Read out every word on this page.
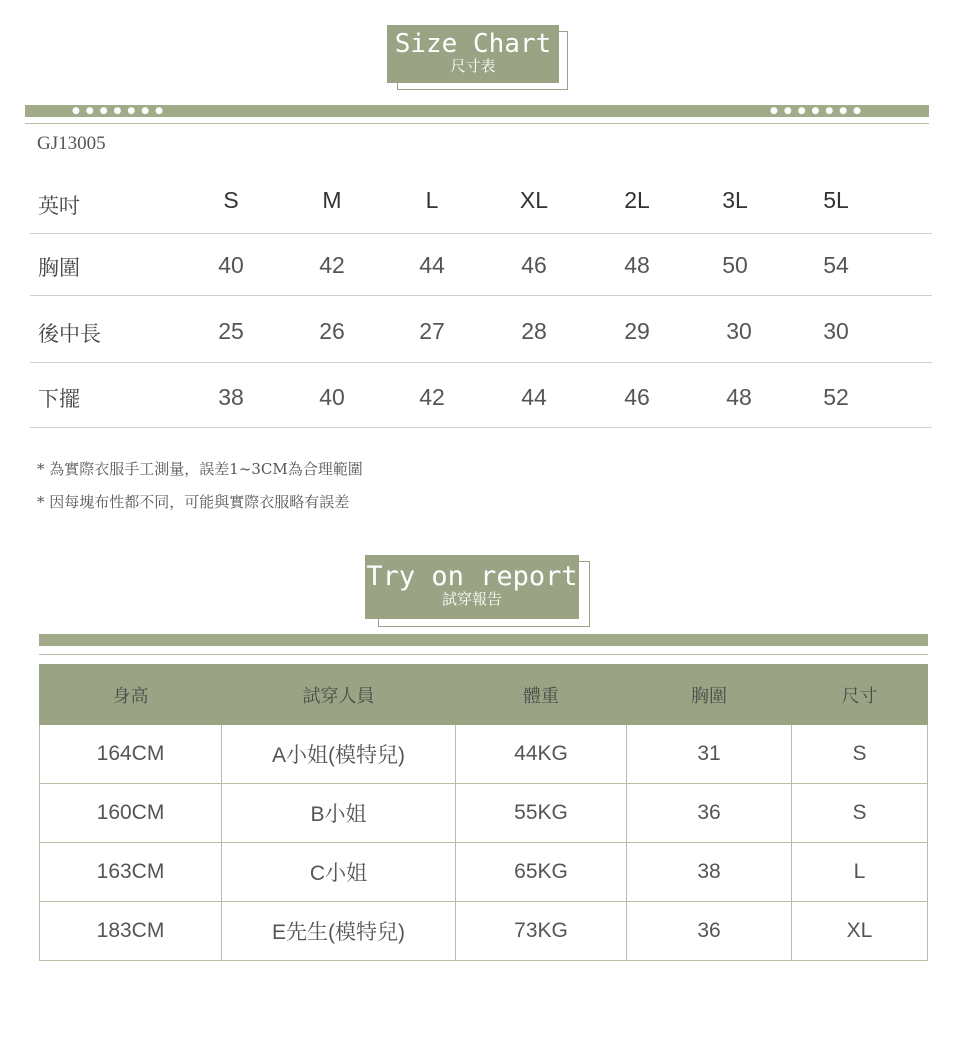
Size Chart
尺寸表
●●●●●●●	●●●●●●●
GJ13005
英吋	S	M	L	XL	2L	3L	5L
胸圍	40	42	44	46	48	50	54
後中長	25	26	27	28	29	30	30
下擺	38	40	42	44	46	48	52
* 為實際衣服手工測量，誤差1~3CM為合理範圍
* 因每塊布性都不同，可能與實際衣服略有誤差
Try on report
試穿報告
身高	試穿人員	體重	胸圍	尺寸
164CM	A小姐(模特兒)	44KG	31	S
160CM	B小姐	55KG	36	S
163CM	C小姐	65KG	38	L
183CM	E先生(模特兒)	73KG	36	XL
